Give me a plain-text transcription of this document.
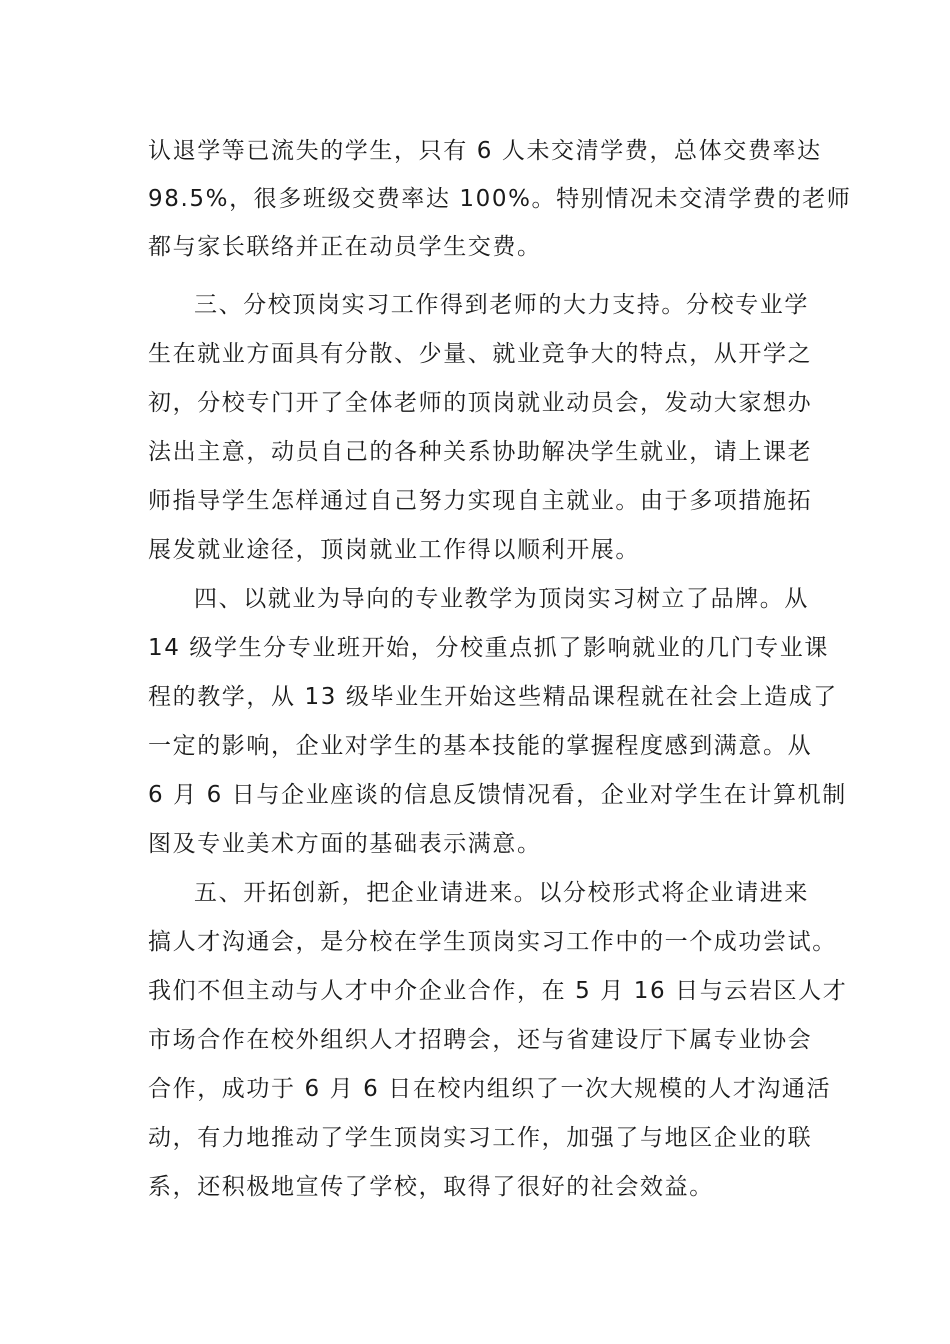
认退学等已流失的学生，只有 6 人未交清学费，总体交费率达
98.5%，很多班级交费率达 100%。特别情况未交清学费的老师
都与家长联络并正在动员学生交费。
三、分校顶岗实习工作得到老师的大力支持。分校专业学
生在就业方面具有分散、少量、就业竞争大的特点，从开学之
初，分校专门开了全体老师的顶岗就业动员会，发动大家想办
法出主意，动员自己的各种关系协助解决学生就业，请上课老
师指导学生怎样通过自己努力实现自主就业。由于多项措施拓
展发就业途径，顶岗就业工作得以顺利开展。
四、以就业为导向的专业教学为顶岗实习树立了品牌。从
14 级学生分专业班开始，分校重点抓了影响就业的几门专业课
程的教学，从 13 级毕业生开始这些精品课程就在社会上造成了
一定的影响，企业对学生的基本技能的掌握程度感到满意。从
6 月 6 日与企业座谈的信息反馈情况看，企业对学生在计算机制
图及专业美术方面的基础表示满意。
五、开拓创新，把企业请进来。以分校形式将企业请进来
搞人才沟通会，是分校在学生顶岗实习工作中的一个成功尝试。
我们不但主动与人才中介企业合作，在 5 月 16 日与云岩区人才
市场合作在校外组织人才招聘会，还与省建设厅下属专业协会
合作，成功于 6 月 6 日在校内组织了一次大规模的人才沟通活
动，有力地推动了学生顶岗实习工作，加强了与地区企业的联
系，还积极地宣传了学校，取得了很好的社会效益。
